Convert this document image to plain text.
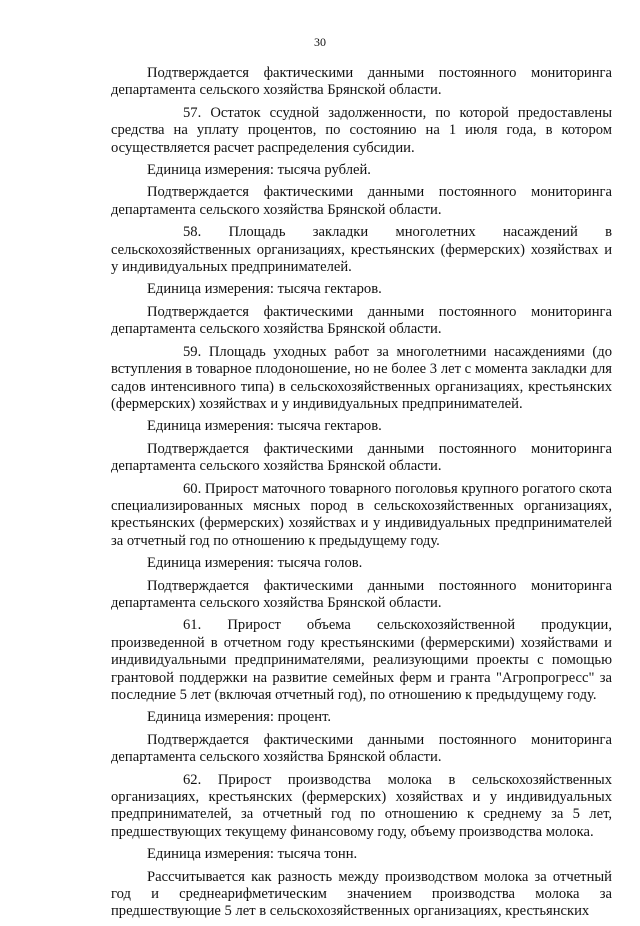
30

Подтверждается фактическими данными постоянного мониторинга департамента сельского хозяйства Брянской области.

57. Остаток ссудной задолженности, по которой предоставлены средства на уплату процентов, по состоянию на 1 июля года, в котором осуществляется расчет распределения субсидии.

Единица измерения: тысяча рублей.

Подтверждается фактическими данными постоянного мониторинга департамента сельского хозяйства Брянской области.

58. Площадь закладки многолетних насаждений в сельскохозяйственных организациях, крестьянских (фермерских) хозяйствах и у индивидуальных предпринимателей.

Единица измерения: тысяча гектаров.

Подтверждается фактическими данными постоянного мониторинга департамента сельского хозяйства Брянской области.

59. Площадь уходных работ за многолетними насаждениями (до вступления в товарное плодоношение, но не более 3 лет с момента закладки для садов интенсивного типа) в сельскохозяйственных организациях, крестьянских (фермерских) хозяйствах и у индивидуальных предпринимателей.

Единица измерения: тысяча гектаров.

Подтверждается фактическими данными постоянного мониторинга департамента сельского хозяйства Брянской области.

60. Прирост маточного товарного поголовья крупного рогатого скота специализированных мясных пород в сельскохозяйственных организациях, крестьянских (фермерских) хозяйствах и у индивидуальных предпринимателей за отчетный год по отношению к предыдущему году.

Единица измерения: тысяча голов.

Подтверждается фактическими данными постоянного мониторинга департамента сельского хозяйства Брянской области.

61. Прирост объема сельскохозяйственной продукции, произведенной в отчетном году крестьянскими (фермерскими) хозяйствами и индивидуальными предпринимателями, реализующими проекты с помощью грантовой поддержки на развитие семейных ферм и гранта "Агропрогресс" за последние 5 лет (включая отчетный год), по отношению к предыдущему году.

Единица измерения: процент.

Подтверждается фактическими данными постоянного мониторинга департамента сельского хозяйства Брянской области.

62. Прирост производства молока в сельскохозяйственных организациях, крестьянских (фермерских) хозяйствах и у индивидуальных предпринимателей, за отчетный год по отношению к среднему за 5 лет, предшествующих текущему финансовому году, объему производства молока.

Единица измерения: тысяча тонн.

Рассчитывается как разность между производством молока за отчетный год и среднеарифметическим значением производства молока за предшествующие 5 лет в сельскохозяйственных организациях, крестьянских
